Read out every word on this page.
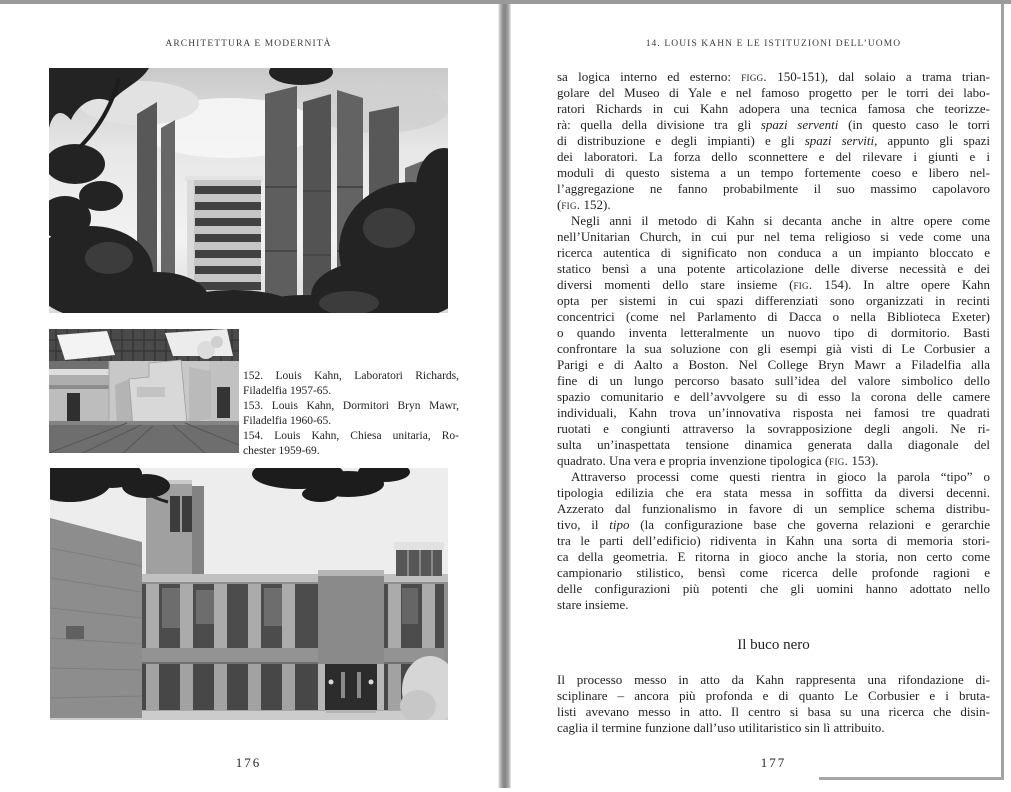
ARCHITETTURA E MODERNITÀ
152. Louis Kahn, Laboratori Richards,
Filadelfia 1957-65.
153. Louis Kahn, Dormitori Bryn Mawr,
Filadelfia 1960-65.
154. Louis Kahn, Chiesa unitaria, Ro-
chester 1959-69.
176
14. LOUIS KAHN E LE ISTITUZIONI DELL’UOMO
sa logica interno ed esterno: figg. 150-151), dal solaio a trama trian-
golare del Museo di Yale e nel famoso progetto per le torri dei labo-
ratori Richards in cui Kahn adopera una tecnica famosa che teorizze-
rà: quella della divisione tra gli spazi serventi (in questo caso le torri
di distribuzione e degli impianti) e gli spazi serviti, appunto gli spazi
dei laboratori. La forza dello sconnettere e del rilevare i giunti e i
moduli di questo sistema a un tempo fortemente coeso e libero nel-
l’aggregazione ne fanno probabilmente il suo massimo capolavoro
(fig. 152).
Negli anni il metodo di Kahn si decanta anche in altre opere come
nell’Unitarian Church, in cui pur nel tema religioso si vede come una
ricerca autentica di significato non conduca a un impianto bloccato e
statico bensì a una potente articolazione delle diverse necessità e dei
diversi momenti dello stare insieme (fig. 154). In altre opere Kahn
opta per sistemi in cui spazi differenziati sono organizzati in recinti
concentrici (come nel Parlamento di Dacca o nella Biblioteca Exeter)
o quando inventa letteralmente un nuovo tipo di dormitorio. Basti
confrontare la sua soluzione con gli esempi già visti di Le Corbusier a
Parigi e di Aalto a Boston. Nel College Bryn Mawr a Filadelfia alla
fine di un lungo percorso basato sull’idea del valore simbolico dello
spazio comunitario e dell’avvolgere su di esso la corona delle camere
individuali, Kahn trova un’innovativa risposta nei famosi tre quadrati
ruotati e congiunti attraverso la sovrapposizione degli angoli. Ne ri-
sulta un’inaspettata tensione dinamica generata dalla diagonale del
quadrato. Una vera e propria invenzione tipologica (fig. 153).
Attraverso processi come questi rientra in gioco la parola “tipo” o
tipologia edilizia che era stata messa in soffitta da diversi decenni.
Azzerato dal funzionalismo in favore di un semplice schema distribu-
tivo, il tipo (la configurazione base che governa relazioni e gerarchie
tra le parti dell’edificio) ridiventa in Kahn una sorta di memoria stori-
ca della geometria. E ritorna in gioco anche la storia, non certo come
campionario stilistico, bensì come ricerca delle profonde ragioni e
delle configurazioni più potenti che gli uomini hanno adottato nello
stare insieme.
Il buco nero
Il processo messo in atto da Kahn rappresenta una rifondazione di-
sciplinare – ancora più profonda e di quanto Le Corbusier e i bruta-
listi avevano messo in atto. Il centro si basa su una ricerca che disin-
caglia il termine funzione dall’uso utilitaristico sin lì attribuito.
177
